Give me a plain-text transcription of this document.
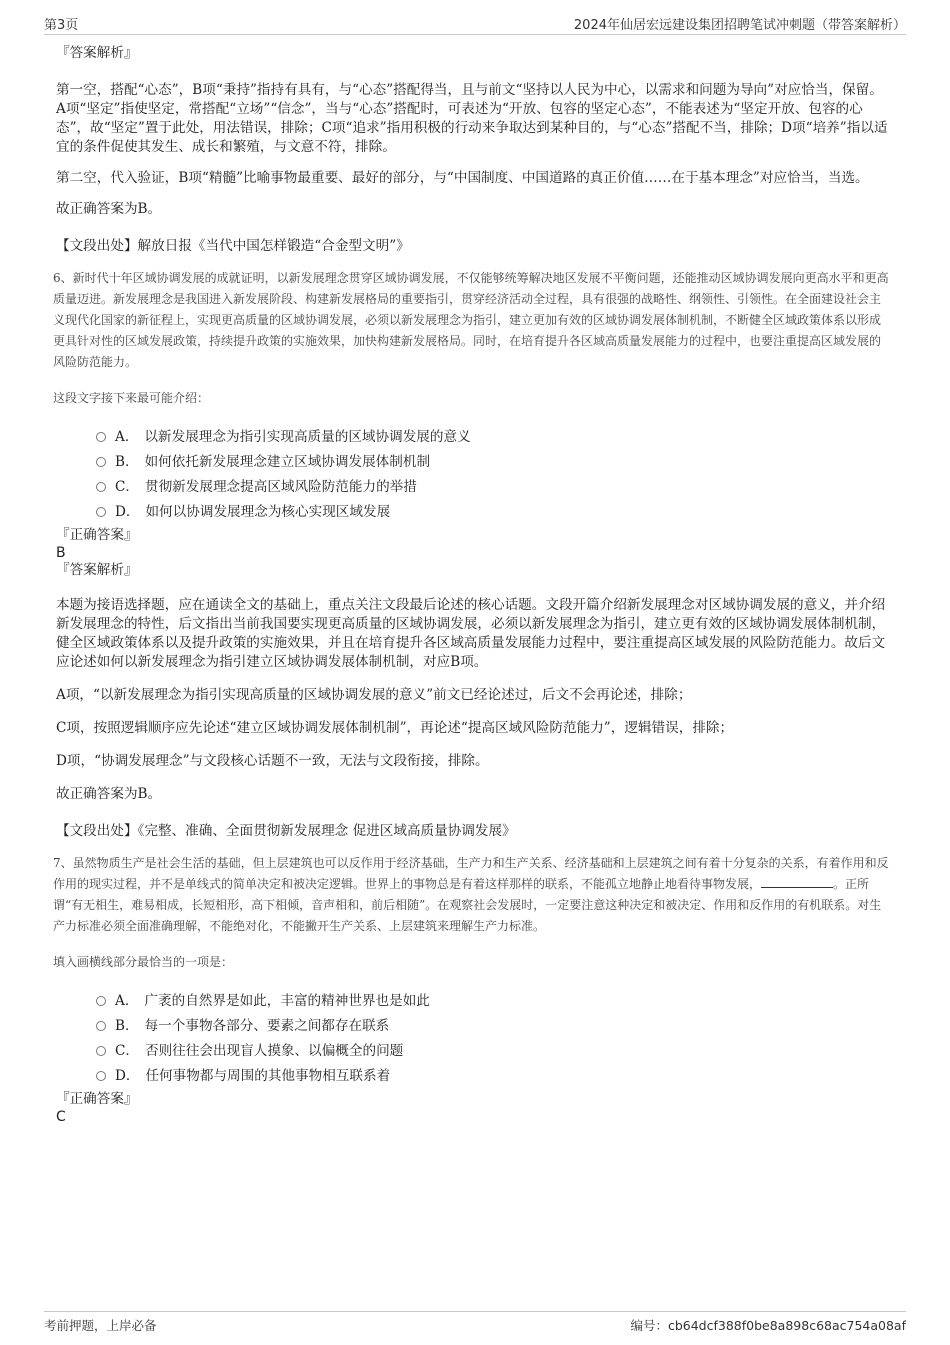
第3页	2024年仙居宏远建设集团招聘笔试冲刺题（带答案解析）
『答案解析』
第一空，搭配“心态”，B项“秉持”指持有具有，与“心态”搭配得当，且与前文“坚持以人民为中心，以需求和问题为导向”对应恰当，保留。A项“坚定”指使坚定，常搭配“立场”“信念”，当与“心态”搭配时，可表述为“开放、包容的坚定心态”，不能表述为“坚定开放、包容的心态”，故“坚定”置于此处，用法错误，排除；C项“追求”指用积极的行动来争取达到某种目的，与“心态”搭配不当，排除；D项“培养”指以适宜的条件促使其发生、成长和繁殖，与文意不符，排除。
第二空，代入验证，B项“精髓”比喻事物最重要、最好的部分，与“中国制度、中国道路的真正价值……在于基本理念”对应恰当，当选。
故正确答案为B。
【文段出处】解放日报《当代中国怎样锻造“合金型文明”》
6、新时代十年区域协调发展的成就证明，以新发展理念贯穿区域协调发展，不仅能够统筹解决地区发展不平衡问题，还能推动区域协调发展向更高水平和更高质量迈进。新发展理念是我国进入新发展阶段、构建新发展格局的重要指引，贯穿经济活动全过程，具有很强的战略性、纲领性、引领性。在全面建设社会主义现代化国家的新征程上，实现更高质量的区域协调发展，必须以新发展理念为指引，建立更加有效的区域协调发展体制机制，不断健全区域政策体系以形成更具针对性的区域发展政策，持续提升政策的实施效果，加快构建新发展格局。同时，在培育提升各区域高质量发展能力的过程中，也要注重提高区域发展的风险防范能力。
这段文字接下来最可能介绍：
A． 以新发展理念为指引实现高质量的区域协调发展的意义
B． 如何依托新发展理念建立区域协调发展体制机制
C． 贯彻新发展理念提高区域风险防范能力的举措
D． 如何以协调发展理念为核心实现区域发展
『正确答案』
B
『答案解析』
本题为接语选择题，应在通读全文的基础上，重点关注文段最后论述的核心话题。文段开篇介绍新发展理念对区域协调发展的意义，并介绍新发展理念的特性，后文指出当前我国要实现更高质量的区域协调发展，必须以新发展理念为指引，建立更有效的区域协调发展体制机制，健全区域政策体系以及提升政策的实施效果，并且在培育提升各区域高质量发展能力过程中，要注重提高区域发展的风险防范能力。故后文应论述如何以新发展理念为指引建立区域协调发展体制机制，对应B项。
A项，“以新发展理念为指引实现高质量的区域协调发展的意义”前文已经论述过，后文不会再论述，排除；
C项，按照逻辑顺序应先论述“建立区域协调发展体制机制”，再论述“提高区域风险防范能力”，逻辑错误，排除；
D项，“协调发展理念”与文段核心话题不一致，无法与文段衔接，排除。
故正确答案为B。
【文段出处】《完整、准确、全面贯彻新发展理念 促进区域高质量协调发展》
7、虽然物质生产是社会生活的基础，但上层建筑也可以反作用于经济基础，生产力和生产关系、经济基础和上层建筑之间有着十分复杂的关系，有着作用和反作用的现实过程，并不是单线式的简单决定和被决定逻辑。世界上的事物总是有着这样那样的联系，不能孤立地静止地看待事物发展，	。正所谓“有无相生，难易相成，长短相形，高下相倾，音声相和，前后相随”。在观察社会发展时，一定要注意这种决定和被决定、作用和反作用的有机联系。对生产力标准必须全面准确理解，不能绝对化，不能撇开生产关系、上层建筑来理解生产力标准。
填入画横线部分最恰当的一项是：
A． 广袤的自然界是如此，丰富的精神世界也是如此
B． 每一个事物各部分、要素之间都存在联系
C． 否则往往会出现盲人摸象、以偏概全的问题
D． 任何事物都与周围的其他事物相互联系着
『正确答案』
C
考前押题，上岸必备	编号：cb64dcf388f0be8a898c68ac754a08af
